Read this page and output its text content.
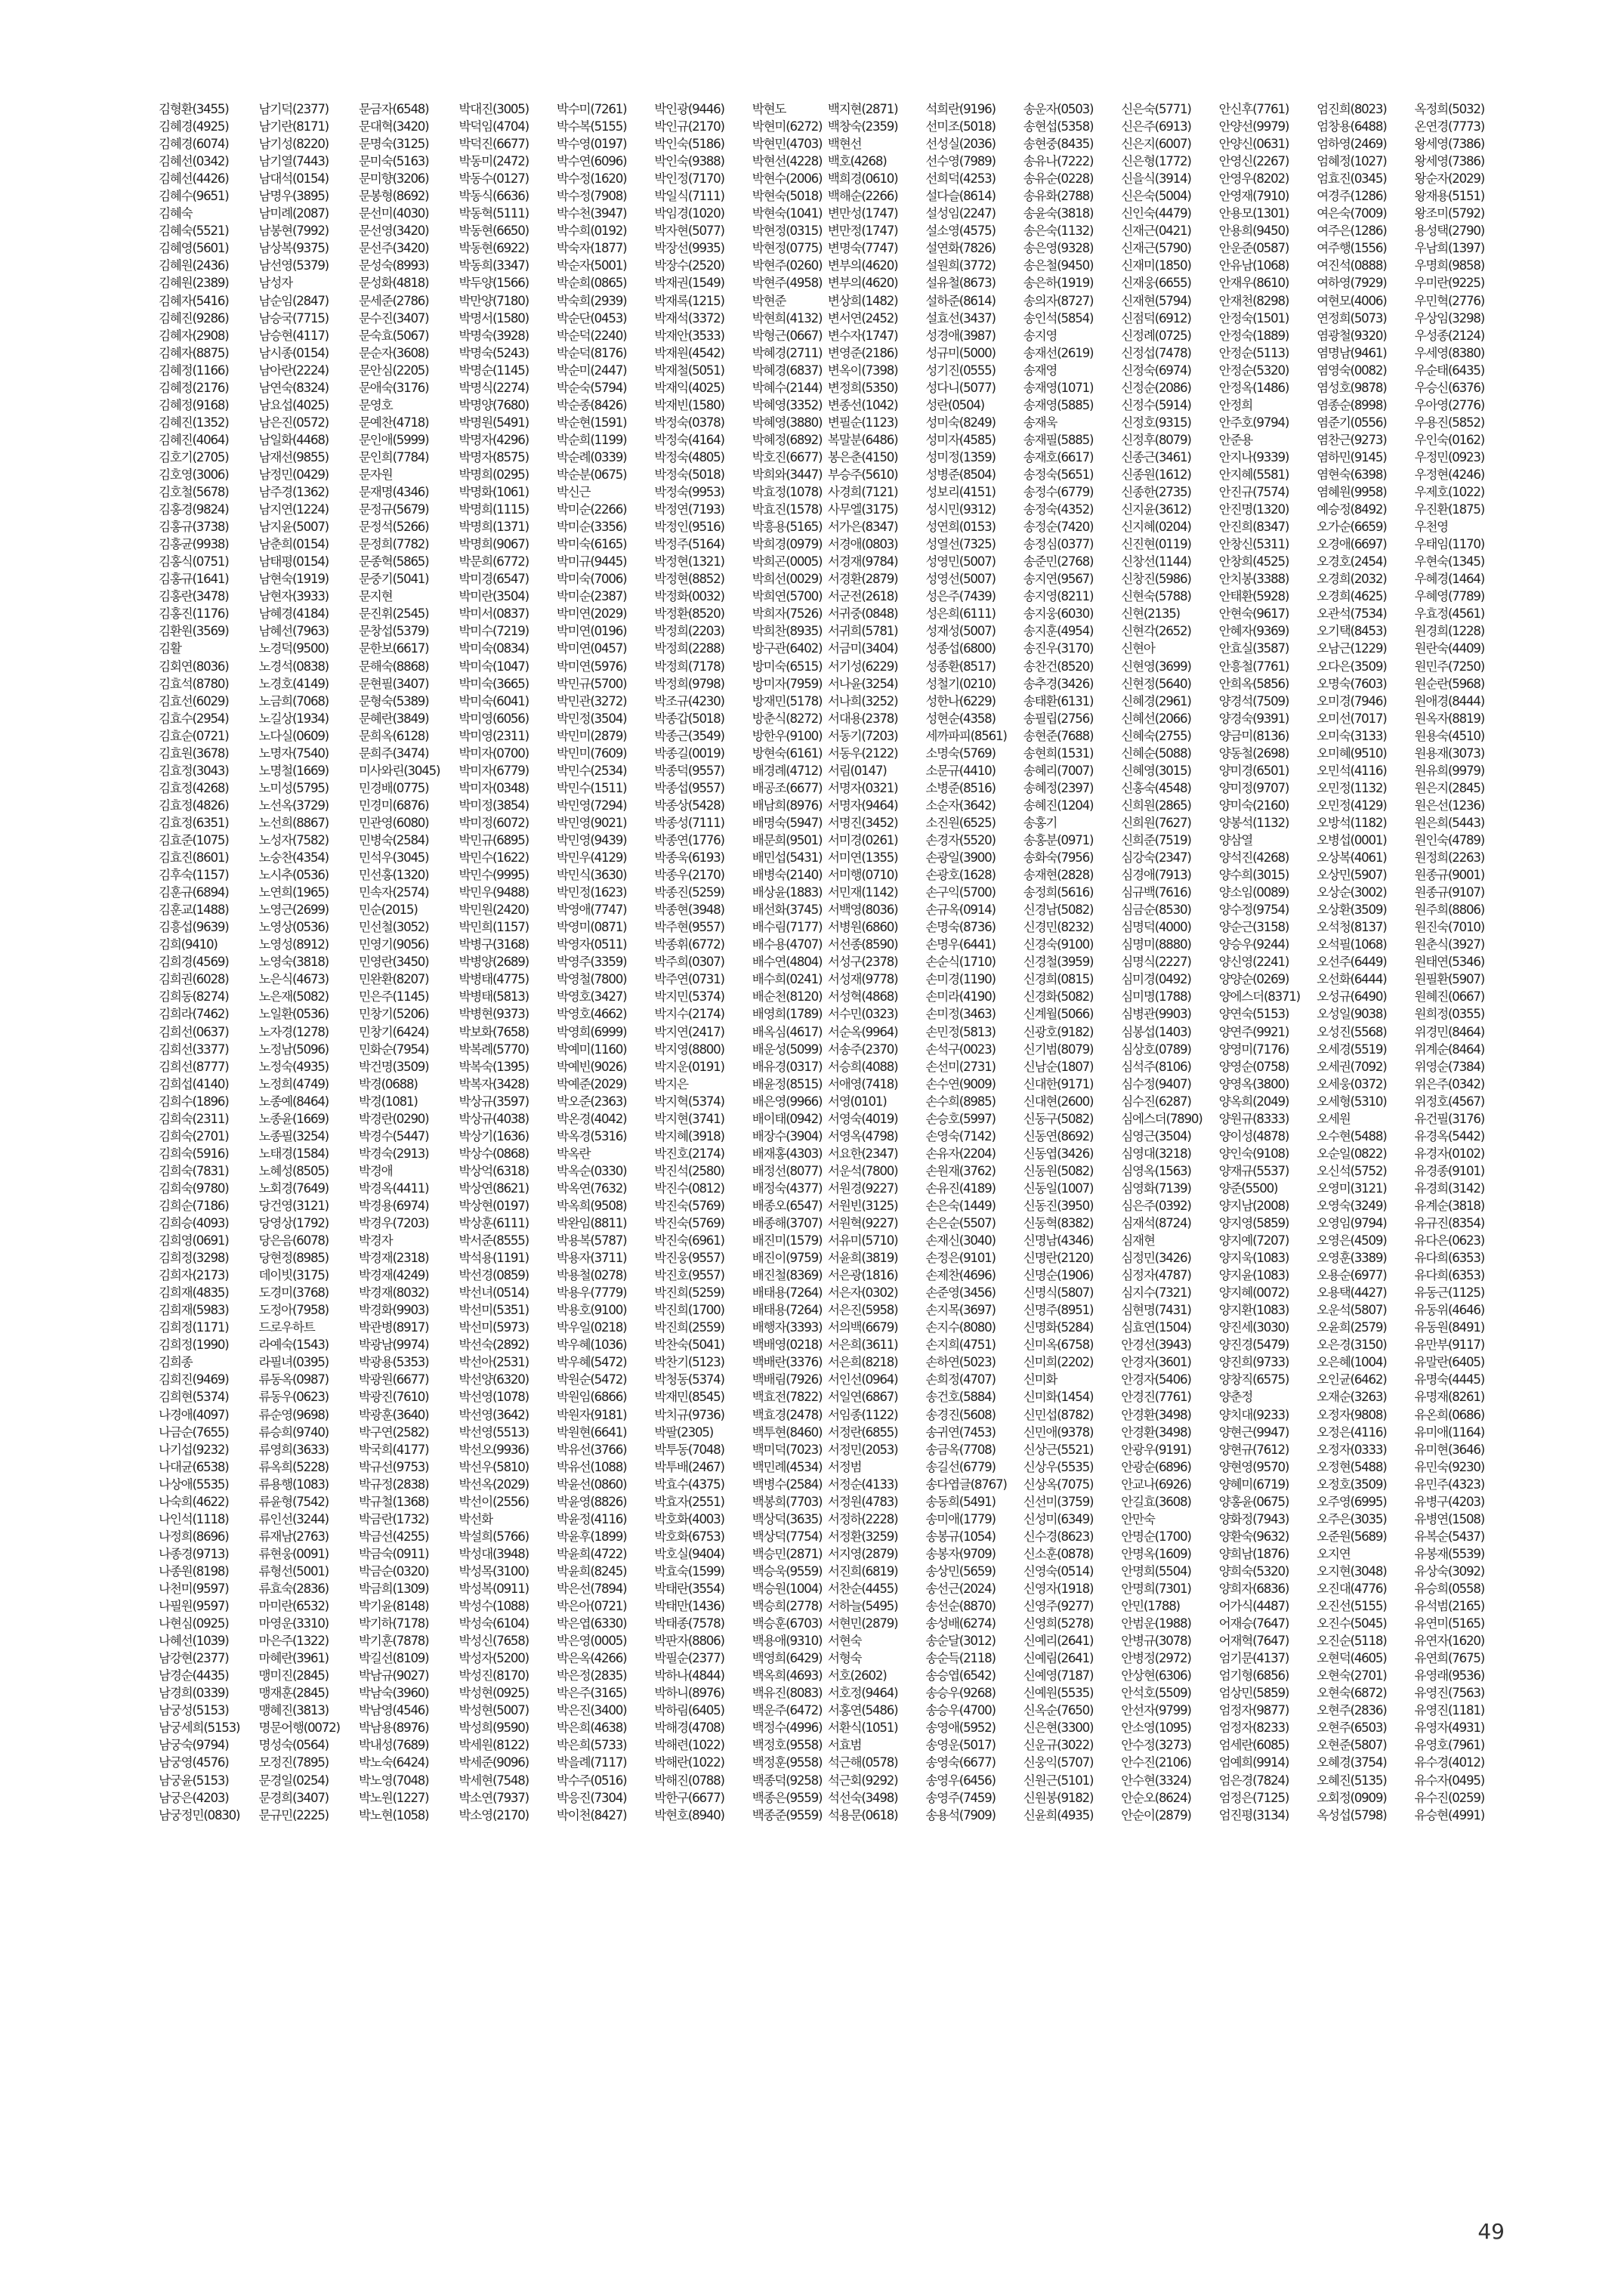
김형환(3455)	남기덕(2377)	문금자(6548)	박대진(3005)	박수미(7261)	박인광(9446)	박현도	백지현(2871)	석희란(9196)	송운자(0503)	신은숙(5771)	안신후(7761)	엄진희(8023)	옥정희(5032)
김혜경(4925)	남기란(8171)	문대혁(3420)	박덕임(4704)	박수복(5155)	박인규(2170)	박현미(6272)	백창숙(2359)	선미조(5018)	송현섭(5358)	신은주(6913)	안양선(9979)	엄창용(6488)	온연경(7773)
김혜경(6074)	남기성(8220)	문명숙(3125)	박덕진(6677)	박수영(0197)	박인숙(5186)	박현민(4703)	백현선	선성실(2036)	송현중(8435)	신은지(6007)	안양신(0631)	엄하영(2469)	왕세영(7386)
김혜선(0342)	남기열(7443)	문미숙(5163)	박동미(2472)	박수연(6096)	박인숙(9388)	박현선(4228)	백호(4268)	선수영(7989)	송유나(7222)	신은형(1772)	안영신(2267)	엄혜정(1027)	왕세영(7386)
김혜선(4426)	남대석(0154)	문미향(3206)	박동수(0127)	박수정(1620)	박인정(7170)	박현수(2006)	백희경(0610)	선희덕(4253)	송유순(0228)	신을식(3914)	안영우(8202)	엄효진(0345)	왕순자(2029)
김혜수(9651)	남명우(3895)	문봉형(8692)	박동식(6636)	박수정(7908)	박일식(7111)	박현숙(5018)	백해순(2266)	설다슬(8614)	송유화(2788)	신은숙(5004)	안영재(7910)	여경주(1286)	왕재용(5151)
김혜숙	남미례(2087)	문선미(4030)	박동혁(5111)	박수천(3947)	박임경(1020)	박현숙(1041)	변만성(1747)	설성임(2247)	송윤숙(3818)	신인숙(4479)	안용모(1301)	여은숙(7009)	왕조미(5792)
김혜숙(5521)	남봉현(7992)	문선영(3420)	박동현(6650)	박수희(0192)	박자현(5077)	박현정(0315)	변만정(1747)	설소영(4575)	송은숙(1132)	신재근(0421)	안용희(9450)	여주은(1286)	용성택(2790)
김혜영(5601)	남상복(9375)	문선주(3420)	박동현(6922)	박숙자(1877)	박장선(9935)	박현정(0775)	변명숙(7747)	설연화(7826)	송은영(9328)	신재근(5790)	안운준(0587)	여주행(1556)	우남희(1397)
김혜원(2436)	남선영(5379)	문성숙(8993)	박동희(3347)	박순자(5001)	박장수(2520)	박현주(0260)	변부의(4620)	설원희(3772)	송은철(9450)	신재미(1850)	안유남(1068)	여진석(0888)	우명희(9858)
김혜원(2389)	남성자	문성화(4818)	박두양(1566)	박순희(0865)	박재권(1549)	박현주(4958)	변부의(4620)	설유철(8673)	송은하(1919)	신재웅(6655)	안재우(8610)	여하영(7929)	우미란(9225)
김혜자(5416)	남순임(2847)	문세준(2786)	박만양(7180)	박숙희(2939)	박재록(1215)	박현준	변상희(1482)	설하준(8614)	송의자(8727)	신재현(5794)	안재천(8298)	여현모(4006)	우민혁(2776)
김혜진(9286)	남승국(7715)	문수진(3407)	박명서(1580)	박순단(0453)	박재석(3372)	박현희(4132)	변서연(2452)	설효선(3437)	송인석(5854)	신점덕(6912)	안정숙(1501)	연정희(5073)	우상임(3298)
김혜자(2908)	남승현(4117)	문숙효(5067)	박명숙(3928)	박순덕(2240)	박재안(3533)	박형근(0667)	변수자(1747)	성경애(3987)	송지영	신정례(0725)	안정숙(1889)	염광철(9320)	우성종(2124)
김혜자(8875)	남시종(0154)	문순자(3608)	박명숙(5243)	박순덕(8176)	박재원(4542)	박혜경(2711)	변영준(2186)	성규미(5000)	송재선(2619)	신정섭(7478)	안정순(5113)	염명남(9461)	우세영(8380)
김혜정(1166)	남아란(2224)	문안심(2205)	박명순(1145)	박순미(2447)	박재철(5051)	박혜경(6837)	변옥이(7398)	성기진(0555)	송재영	신정숙(6974)	안정순(5320)	염영숙(0082)	우순태(6435)
김혜정(2176)	남연숙(8324)	문애숙(3176)	박명식(2274)	박순숙(5794)	박재익(4025)	박혜수(2144)	변정희(5350)	성다니(5077)	송재영(1071)	신정순(2086)	안정옥(1486)	염성호(9878)	우승신(6376)
김혜정(9168)	남요섭(4025)	문영호	박명양(7680)	박순종(8426)	박재빈(1580)	박혜영(3352)	변종선(1042)	성란(0504)	송재영(5885)	신정수(5914)	안정희	염종순(8998)	우아영(2776)
김혜진(1352)	남은진(0572)	문예찬(4718)	박명원(5491)	박순현(1591)	박정숙(0378)	박혜영(3880)	변필순(1123)	성미숙(8249)	송재욱	신정호(9315)	안주호(9794)	염준기(0556)	우용진(5852)
김혜진(4064)	남일화(4468)	문인애(5999)	박명자(4296)	박순희(1199)	박정숙(4164)	박혜정(6892)	복말분(6486)	성미자(4585)	송재필(5885)	신정후(8079)	안준용	염찬근(9273)	우인숙(0162)
김호기(2705)	남재선(9855)	문인희(7784)	박명자(8575)	박순례(0339)	박정숙(4805)	박호진(6677)	봉은춘(4150)	성미정(1359)	송재호(6617)	신종근(3461)	안지나(9339)	염하민(9145)	우정민(0923)
김호영(3006)	남정민(0429)	문자원	박명희(0295)	박순분(0675)	박정숙(5018)	박희와(3447)	부승주(5610)	성병준(8504)	송정숙(5651)	신종원(1612)	안지혜(5581)	염현숙(6398)	우정현(4246)
김호철(5678)	남주경(1362)	문재명(4346)	박명화(1061)	박신근	박정숙(9953)	박효정(1078)	사경희(7121)	성보리(4151)	송정수(6779)	신종한(2735)	안진규(7574)	염혜원(9958)	우제호(1022)
김홍경(9824)	남지연(1224)	문정규(5679)	박명희(1115)	박미순(2266)	박정연(7193)	박효진(1578)	사무엘(3175)	성시민(9312)	송정숙(4352)	신지윤(3612)	안진명(1320)	예승정(8492)	우진환(1875)
김홍규(3738)	남지윤(5007)	문정석(5266)	박명희(1371)	박미순(3356)	박정인(9516)	박흥용(5165)	서가은(8347)	성연희(0153)	송정순(7420)	신지혜(0204)	안진희(8347)	오가순(6659)	우천영
김홍균(9938)	남춘희(0154)	문정희(7782)	박명희(9067)	박미숙(6165)	박정주(5164)	박희경(0979)	서경애(0803)	성열선(7325)	송정심(0377)	신진현(0119)	안창신(5311)	오경애(6697)	우태임(1170)
김홍식(0751)	남태평(0154)	문종혁(5865)	박문희(6772)	박미규(9445)	박정현(1321)	박희곤(0005)	서경재(9784)	성영민(5007)	송준민(2768)	신창선(1144)	안창희(4525)	오경호(2454)	우현숙(1345)
김홍규(1641)	남현숙(1919)	문중기(5041)	박미경(6547)	박미숙(7006)	박정현(8852)	박희선(0029)	서경환(2879)	성영선(5007)	송지연(9567)	신창진(5986)	안치봉(3388)	오경희(2032)	우혜경(1464)
김홍란(3478)	남현자(3933)	문지현	박미란(3504)	박미순(2387)	박정화(0032)	박희연(5700)	서군전(2618)	성은주(7439)	송지영(8211)	신현숙(5788)	안태환(5928)	오경희(4625)	우혜영(7789)
김홍진(1176)	남혜경(4184)	문진휘(2545)	박미서(0837)	박미연(2029)	박정환(8520)	박희자(7526)	서귀중(0848)	성은희(6111)	송지웅(6030)	신현(2135)	안현숙(9617)	오관석(7534)	우효정(4561)
김환원(3569)	남혜선(7963)	문창섭(5379)	박미수(7219)	박미연(0196)	박정희(2203)	박희찬(8935)	서귀희(5781)	성재성(5007)	송지훈(4954)	신현각(2652)	안혜자(9369)	오기택(8453)	원경희(1228)
김활	노경덕(9500)	문한보(6617)	박미숙(0834)	박미연(0457)	박정희(2288)	방구관(6402)	서금미(3404)	성종섭(6800)	송진우(3170)	신현아	안효실(3587)	오남근(1229)	원란숙(4409)
김회연(8036)	노경석(0838)	문해숙(8868)	박미숙(1047)	박미연(5976)	박정희(7178)	방미숙(6515)	서기성(6229)	성종환(8517)	송찬건(8520)	신현영(3699)	안흥철(7761)	오다은(3509)	원민주(7250)
김효석(8780)	노경호(4149)	문현필(3407)	박미숙(3665)	박민규(5700)	박정희(9798)	방미자(7959)	서나윤(3254)	성철기(0210)	송추경(3426)	신현정(5640)	안희옥(5856)	오명숙(7603)	원순란(5968)
김효선(6029)	노금희(7068)	문형숙(5389)	박미숙(6041)	박민관(3272)	박조규(4230)	방재민(5178)	서나희(3252)	성한나(6229)	송태환(6131)	신혜경(2961)	양경석(7509)	오미경(7946)	원애경(8444)
김효수(2954)	노길상(1934)	문혜란(3849)	박미영(6056)	박민정(3504)	박종갑(5018)	방춘식(8272)	서대용(2378)	성현순(4358)	송필립(2756)	신혜선(2066)	양경숙(9391)	오미선(7017)	원옥자(8819)
김효순(0721)	노다실(0609)	문희옥(6128)	박미영(2311)	박민미(2879)	박종근(3549)	방한우(9100)	서동기(7203)	세까파피(8561)	송현준(7688)	신혜숙(2755)	양금미(8136)	오미숙(3133)	원용숙(4510)
김효원(3678)	노명자(7540)	문희주(3474)	박미자(0700)	박민미(7609)	박종길(0019)	방현숙(6161)	서동우(2122)	소명숙(5769)	송현희(1531)	신혜순(5088)	양동철(2698)	오미혜(9510)	원용재(3073)
김효정(3043)	노명철(1669)	미사와린(3045)	박미자(6779)	박민수(2534)	박종덕(9557)	배경례(4712)	서림(0147)	소문규(4410)	송혜리(7007)	신혜영(3015)	양미경(6501)	오민석(4116)	원유희(9979)
김효정(4268)	노미성(5795)	민경배(0775)	박미자(0348)	박민수(1511)	박종섭(9557)	배공조(6677)	서명자(0321)	소병준(8516)	송혜정(2397)	신홍숙(4548)	양미정(9707)	오민정(1132)	원은지(2845)
김효정(4826)	노선옥(3729)	민경미(6876)	박미정(3854)	박민영(7294)	박종상(5428)	배남희(8976)	서명자(9464)	소순자(3642)	송혜진(1204)	신희원(2865)	양미숙(2160)	오민정(4129)	원은선(1236)
김효정(6351)	노선희(8867)	민관영(6080)	박미정(6072)	박민영(9021)	박종성(7111)	배명숙(5947)	서명진(3452)	소진원(6525)	송홍기	신희원(7627)	양봉석(1132)	오방석(1182)	원은희(5443)
김효준(1075)	노성자(7582)	민병숙(2584)	박민규(6895)	박민영(9439)	박종연(1776)	배문희(9501)	서미경(0261)	손경자(5520)	송홍분(0971)	신희준(7519)	양삼열	오병섭(0001)	원인숙(4789)
김효진(8601)	노숭찬(4354)	민석우(3045)	박민수(1622)	박민우(4129)	박종욱(6193)	배민섭(5431)	서미연(1355)	손광일(3900)	송화숙(7956)	심강숙(2347)	양석진(4268)	오상복(4061)	원정희(2263)
김후숙(1157)	노시추(0536)	민선홍(1320)	박민수(9995)	박민식(3630)	박종우(2170)	배병숙(2140)	서미행(0710)	손광호(1628)	송재현(2828)	심경애(7913)	양수희(3015)	오상민(5907)	원종규(9001)
김훈규(6894)	노연희(1965)	민속자(2574)	박민우(9488)	박민정(1623)	박종진(5259)	배상윤(1883)	서민재(1142)	손구익(5700)	송정희(5616)	심규백(7616)	양소임(0089)	오상순(3002)	원종규(9107)
김훈교(1488)	노영근(2699)	민순(2015)	박민원(2420)	박영애(7747)	박종현(3948)	배선화(3745)	서백영(8036)	손규옥(0914)	신경남(5082)	심금순(8530)	양수정(9754)	오상환(3509)	원주희(8806)
김흥섭(9639)	노영상(0536)	민선철(3052)	박민희(1157)	박영미(0871)	박주현(9557)	배수림(7177)	서병원(6860)	손명숙(8736)	신경민(8232)	심명덕(4000)	양순근(3158)	오석청(8137)	원진숙(7010)
김희(9410)	노영성(8912)	민영기(9056)	박병구(3168)	박영자(0511)	박종휘(6772)	배수용(4707)	서선종(8590)	손명우(6441)	신경숙(9100)	심명미(8880)	양승우(9244)	오석필(1068)	원춘식(3927)
김희경(4569)	노영숙(3818)	민영란(3450)	박병양(2689)	박영주(3359)	박주희(0307)	배수연(4804)	서성구(2378)	손순식(1710)	신경철(3959)	심명식(2227)	양신영(2241)	오선주(6449)	원태연(5346)
김희권(6028)	노은식(4673)	민완환(8207)	박병태(4775)	박영철(7800)	박주연(0731)	배수희(0241)	서성재(9778)	손미경(1190)	신경희(0815)	심미경(0492)	양양순(0269)	오선화(6444)	원필환(5907)
김희동(8274)	노은재(5082)	민은주(1145)	박병태(5813)	박영호(3427)	박지민(5374)	배순천(8120)	서성혁(4868)	손미라(4190)	신경화(5082)	심미명(1788)	양에스더(8371)	오성규(6490)	원혜진(0667)
김희라(7462)	노일환(0536)	민창기(5206)	박병현(9373)	박영호(4662)	박지수(2174)	배영희(1789)	서수민(0323)	손미정(3463)	신계월(5066)	심병관(9903)	양연숙(5153)	오성일(9038)	원희정(0355)
김희선(0637)	노자경(1278)	민창기(6424)	박보화(7658)	박영희(6999)	박지연(2417)	배옥심(4617)	서순옥(9964)	손민정(5813)	신광호(9182)	심봉섭(1403)	양연주(9921)	오성진(5568)	위경민(8464)
김희선(3377)	노정남(5096)	민화순(7954)	박복례(5770)	박예미(1160)	박지영(8800)	배운성(5099)	서송주(2370)	손석구(0023)	신기범(8079)	심상호(0789)	양영미(7176)	오세경(5519)	위계순(8464)
김희선(8777)	노정숙(4935)	박건명(3509)	박복숙(1395)	박예빈(9026)	박지운(0191)	배유경(0317)	서승희(4088)	손선미(2731)	신남순(1807)	심석주(8106)	양영순(0758)	오세권(7092)	위영순(7384)
김희섭(4140)	노정희(4749)	박경(0688)	박복자(3428)	박예준(2029)	박지은	배윤정(8515)	서애영(7418)	손수연(9009)	신대한(9171)	심수정(9407)	양영옥(3800)	오세웅(0372)	위은주(0342)
김희수(1896)	노종예(8464)	박경(1081)	박상규(3597)	박오준(2363)	박지혁(5374)	배은영(9966)	서영(0101)	손수희(8985)	신대현(2600)	심수진(6287)	양옥희(2049)	오세형(5310)	위정호(4567)
김희숙(2311)	노종윤(1669)	박경란(0290)	박상규(4038)	박온경(4042)	박지현(3741)	배이태(0942)	서영숙(4019)	손승호(5997)	신동구(5082)	심에스더(7890)	양원규(8333)	오세원	유건필(3176)
김희숙(2701)	노종필(3254)	박경수(5447)	박상기(1636)	박옥경(5316)	박지혜(3918)	배장수(3904)	서영옥(4798)	손영숙(7142)	신동연(8692)	심영근(3504)	양이성(4878)	오수현(5488)	유경옥(5442)
김희숙(5916)	노태경(1584)	박경숙(2913)	박상수(0868)	박옥란	박진호(2174)	배재홍(4303)	서요한(2347)	손유자(2204)	신동엽(3426)	심영대(3218)	양인숙(9108)	오순일(0822)	유경자(0102)
김희숙(7831)	노혜성(8505)	박경애	박상억(6318)	박옥순(0330)	박진석(2580)	배정선(8077)	서운석(7800)	손원재(3762)	신동원(5082)	심영옥(1563)	양재규(5537)	오신석(5752)	유경종(9101)
김희숙(9780)	노회경(7649)	박경옥(4411)	박상연(8621)	박옥연(7632)	박진수(0812)	배정숙(4377)	서원경(9227)	손유진(4189)	신동일(1007)	심영화(7139)	양준(5500)	오영미(3121)	유경희(3142)
김희순(7186)	당건영(3121)	박경용(6974)	박상현(0197)	박옥희(9508)	박진숙(5769)	배종오(6547)	서원빈(3125)	손은숙(1449)	신동진(3950)	심은주(0392)	양지남(2008)	오영숙(3249)	유계순(3818)
김희승(4093)	당영상(1792)	박경우(7203)	박상훈(6111)	박완임(8811)	박진숙(5769)	배종해(3707)	서원혁(9227)	손은순(5507)	신동혁(8382)	심재석(8724)	양지영(5859)	오영임(9794)	유규진(8354)
김희영(0691)	당은음(6078)	박경자	박서준(8555)	박용복(5787)	박진숙(6961)	배진미(1579)	서유미(5710)	손재신(3040)	신명남(4346)	심재현	양지예(7207)	오영은(4509)	유다은(0623)
김희정(3298)	당현정(8985)	박경재(2318)	박석용(1191)	박용자(3711)	박진웅(9557)	배진이(9759)	서윤희(3819)	손정은(9101)	신명란(2120)	심정민(3426)	양지욱(1083)	오영훈(3389)	유다희(6353)
김희자(2173)	데이빗(3175)	박경재(4249)	박선경(0859)	박용철(0278)	박진호(9557)	배진철(8369)	서은광(1816)	손제찬(4696)	신명순(1906)	심정자(4787)	양지윤(1083)	오용순(6977)	유다희(6353)
김희재(4835)	도경미(3768)	박경재(8032)	박선녀(0514)	박용우(7779)	박진희(5259)	배태용(7264)	서은자(0302)	손준영(3456)	신명식(5807)	심지수(7321)	양지혜(0072)	오용택(4427)	유동근(1125)
김희재(5983)	도정아(7958)	박경화(9903)	박선미(5351)	박용호(9100)	박진희(1700)	배태용(7264)	서은진(5958)	손지목(3697)	신명주(8951)	심현명(7431)	양지환(1083)	오운석(5807)	유동위(4646)
김희정(1171)	드로우하트	박관병(8917)	박선미(5973)	박우일(0218)	박진희(2559)	배행자(3393)	서의백(6679)	손지수(8080)	신명화(5284)	심효연(1504)	양진세(3030)	오윤희(2579)	유동원(8491)
김희정(1990)	라예숙(1543)	박광남(9974)	박선숙(2892)	박우혜(1036)	박찬숙(5041)	백배영(0218)	서은희(3611)	손지희(4751)	신미옥(6758)	안경선(3943)	양진경(5479)	오은경(3150)	유만부(9117)
김희종	라필녀(0395)	박광용(5353)	박선아(2531)	박우혜(5472)	박찬기(5123)	백배란(3376)	서은희(8218)	손하연(5023)	신미희(2202)	안경자(3601)	양진희(9733)	오은혜(1004)	유말란(6405)
김희진(9469)	류동옥(0987)	박광원(6677)	박선양(6320)	박원순(5472)	박청동(5374)	백배림(7926)	서인선(0964)	손희정(4707)	신미화	안경자(5406)	양창직(6575)	오인균(6462)	유명숙(4445)
김희현(5374)	류동우(0623)	박광진(7610)	박선영(1078)	박원임(6866)	박재민(8545)	백효전(7822)	서일연(6867)	송건호(5884)	신미화(1454)	안경진(7761)	양춘정	오재순(3263)	유명재(8261)
나경애(4097)	류순영(9698)	박광훈(3640)	박선영(3642)	박원자(9181)	박치규(9736)	백효경(2478)	서임종(1122)	송경진(5608)	신민섭(8782)	안경환(3498)	양치대(9233)	오정자(9808)	유온희(0686)
나금순(7655)	류승희(9740)	박구연(2582)	박선영(5513)	박원현(6641)	박팔(2305)	백투현(8460)	서정란(6855)	송귀연(7453)	신민애(9378)	안경환(3498)	양현근(9947)	오정은(4116)	유미애(1164)
나기섭(9232)	류영희(3633)	박국희(4177)	박선오(9936)	박유선(3766)	박투동(7048)	백미덕(7023)	서정민(2053)	송금옥(7708)	신상근(5521)	안광우(9191)	양현규(7612)	오정자(0333)	유미현(3646)
나대균(6538)	류옥희(5228)	박규선(9753)	박선우(5810)	박유선(1088)	박투배(2467)	백민례(4534)	서정범	송길선(6779)	신상우(5535)	안광순(6896)	양현영(9570)	오정현(5488)	유민숙(9230)
나상애(5535)	류용행(1083)	박규정(2838)	박선옥(2029)	박윤선(0860)	박효수(4375)	백병수(2584)	서정순(4133)	송다엽글(8767)	신상옥(7075)	안교나(6926)	양혜미(6719)	오정호(3509)	유민주(4323)
나숙희(4622)	류윤형(7542)	박규철(1368)	박선이(2556)	박윤영(8826)	박효자(2551)	백봉희(7703)	서정원(4783)	송동희(5491)	신선미(3759)	안길효(3608)	양홍윤(0675)	오주영(6995)	유병구(4203)
나인석(1118)	류인선(3244)	박금란(1732)	박선화	박윤정(4116)	박호화(4003)	백상덕(3635)	서정하(2228)	송미애(1779)	신성미(6349)	안만숙	양화정(7943)	오주은(3035)	유병연(1508)
나정희(8696)	류재남(2763)	박금선(4255)	박설희(5766)	박윤후(1899)	박호화(6753)	백상덕(7754)	서정환(3259)	송봉규(1054)	신수경(8623)	안명순(1700)	양환숙(9632)	오준원(5689)	유복순(5437)
나종경(9713)	류현웅(0091)	박금숙(0911)	박성대(3948)	박윤희(4722)	박호실(9404)	백승민(2871)	서지영(2879)	송봉자(9709)	신소훈(0878)	안명옥(1609)	양희남(1876)	오지연	유봉재(5539)
나종원(8198)	류형선(5001)	박금순(0320)	박성목(3100)	박윤희(8245)	박효숙(1599)	백승욱(9559)	서진희(6819)	송상민(5659)	신영숙(0514)	안명희(5504)	양희숙(5320)	오지현(3048)	유상숙(3092)
나천미(9597)	류효숙(2836)	박금희(1309)	박성복(0911)	박은선(7894)	박태란(3554)	백승원(1004)	서찬순(4455)	송선근(2024)	신영자(1918)	안명희(7301)	양희자(6836)	오진대(4776)	유승희(0558)
나필원(9597)	마미란(6532)	박기윤(8148)	박성수(1088)	박은아(0721)	박태만(1436)	백승희(2778)	서하늘(5495)	송선순(8870)	신영주(9277)	안민(1788)	어가식(4487)	오진선(5155)	유석범(2165)
나현심(0925)	마영운(3310)	박기하(7178)	박성숙(6104)	박은엽(6330)	박태종(7578)	백승훈(6703)	서현민(2879)	송성배(6274)	신영희(5278)	안범운(1988)	어재승(7647)	오진수(5045)	유연미(5165)
나혜선(1039)	마은주(1322)	박기훈(7878)	박성신(7658)	박은영(0005)	박판자(8806)	백용애(9310)	서현숙	송순달(3012)	신예리(2641)	안병규(3078)	어재혁(7647)	오진순(5118)	유연자(1620)
남강현(2377)	마혜란(3961)	박길선(8109)	박성자(5200)	박은옥(4266)	박필순(2377)	백영희(6429)	서형숙	송순득(2118)	신예림(2641)	안병정(2972)	엄기문(4137)	오현덕(4605)	유연희(7675)
남경순(4435)	맹미진(2845)	박남규(9027)	박성진(8170)	박은정(2835)	박하나(4844)	백옥희(4693)	서호(2602)	송승엽(6542)	신예영(7187)	안상현(6306)	엄기형(6856)	오현숙(2701)	유영래(9536)
남경희(0339)	맹재훈(2845)	박남숙(3960)	박성현(0925)	박은주(3165)	박하니(8976)	백유진(8083)	서호정(9464)	송승우(9268)	신예원(5535)	안석호(5509)	엄상민(5859)	오현숙(6872)	유영진(7563)
남궁성(5153)	맹혜진(3813)	박남영(4546)	박성현(5007)	박은진(3400)	박하림(6405)	백운주(6472)	서홍연(5486)	송승우(4700)	신옥순(7650)	안선자(9799)	엄정자(9877)	오현주(2836)	유영진(1181)
남궁세희(5153)	명문어행(0072)	박남용(8976)	박성희(9590)	박은희(4638)	박해경(4708)	백정수(4996)	서환식(1051)	송영애(5952)	신은현(3300)	안소영(1095)	엄정자(8233)	오현주(6503)	유영자(4931)
남궁숙(9794)	명성숙(0564)	박내성(7689)	박세원(8122)	박은희(5733)	박해련(1022)	백정호(9558)	서효범	송영운(5017)	신운규(3022)	안수정(3273)	엄세란(6085)	오현준(5807)	유영호(7961)
남궁영(4576)	모정진(7895)	박노숙(6424)	박세준(9096)	박을례(7117)	박해란(1022)	백정훈(9558)	석근해(0578)	송영숙(6677)	신웅익(5707)	안수진(2106)	엄예희(9914)	오혜경(3754)	유수경(4012)
남궁윤(5153)	문경일(0254)	박노영(7048)	박세현(7548)	박수주(0516)	박해진(0788)	백종덕(9258)	석근회(9292)	송영우(6456)	신원근(5101)	안수현(3324)	엄은경(7824)	오혜진(5135)	유수자(0495)
남궁은(4203)	문경희(3407)	박노원(1227)	박소연(7937)	박응진(7304)	박한구(6677)	백종은(9559)	석선숙(3498)	송영주(7459)	신원봉(9182)	안순오(8624)	엄정은(7125)	오회정(0909)	유수진(0259)
남궁정민(0830)	문규민(2225)	박노현(1058)	박소영(2170)	박이천(8427)	박현호(8940)	백종준(9559)	석용문(0618)	송용석(7909)	신윤희(4935)	안순이(2879)	엄진평(3134)	옥성섭(5798)	유승현(4991)
49
